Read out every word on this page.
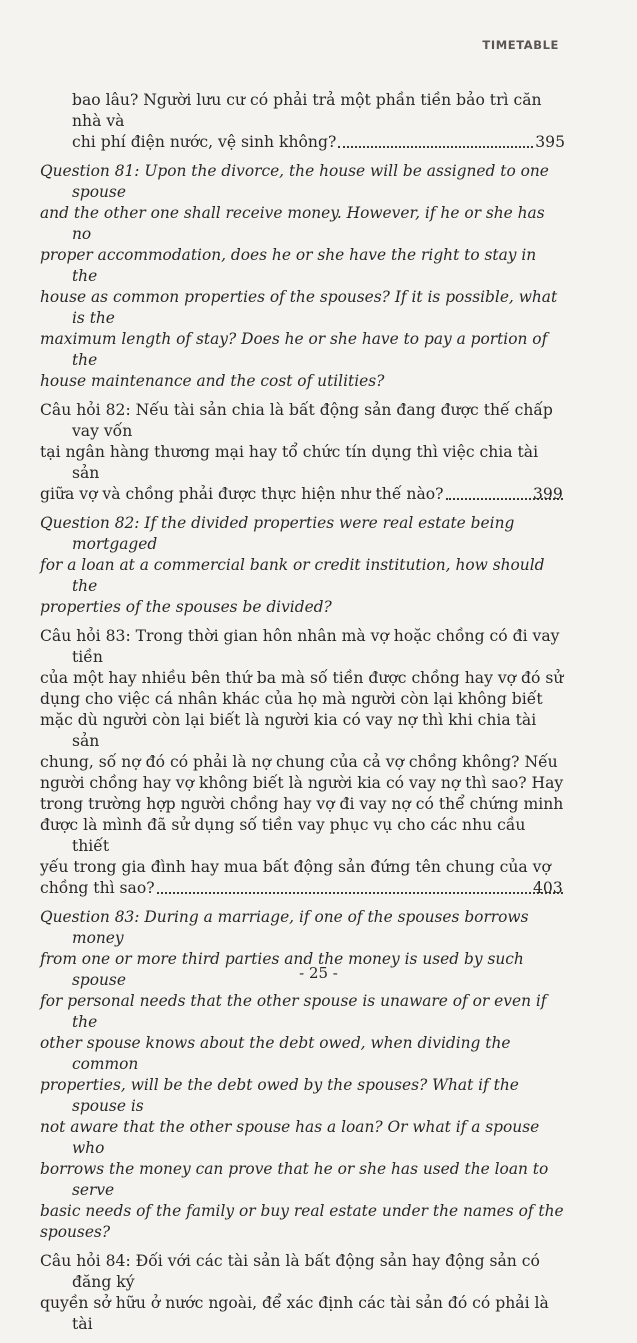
TIMETABLE
bao lâu? Người lưu cư có phải trả một phần tiền bảo trì căn nhà và
chi phí điện nước, vệ sinh không?	395
Question 81: Upon the divorce, the house will be assigned to one spouse
and the other one shall receive money. However, if he or she has no
proper accommodation, does he or she have the right to stay in the
house as common properties of the spouses? If it is possible, what is the
maximum length of stay? Does he or she have to pay a portion of the
house maintenance and the cost of utilities?
Câu hỏi 82: Nếu tài sản chia là bất động sản đang được thế chấp vay vốn
tại ngân hàng thương mại hay tổ chức tín dụng thì việc chia tài sản
giữa vợ và chồng phải được thực hiện như thế nào?	399
Question 82: If the divided properties were real estate being mortgaged
for a loan at a commercial bank or credit institution, how should the
properties of the spouses be divided?
Câu hỏi 83: Trong thời gian hôn nhân mà vợ hoặc chồng có đi vay tiền
của một hay nhiều bên thứ ba mà số tiền được chồng hay vợ đó sử
dụng cho việc cá nhân khác của họ mà người còn lại không biết
mặc dù người còn lại biết là người kia có vay nợ thì khi chia tài sản
chung, số nợ đó có phải là nợ chung của cả vợ chồng không? Nếu
người chồng hay vợ không biết là người kia có vay nợ thì sao? Hay
trong trường hợp người chồng hay vợ đi vay nợ có thể chứng minh
được là mình đã sử dụng số tiền vay phục vụ cho các nhu cầu thiết
yếu trong gia đình hay mua bất động sản đứng tên chung của vợ
chồng thì sao?	403
Question 83: During a marriage, if one of the spouses borrows money
from one or more third parties and the money is used by such spouse
for personal needs that the other spouse is unaware of or even if the
other spouse knows about the debt owed, when dividing the common
properties, will be the debt owed by the spouses? What if the spouse is
not aware that the other spouse has a loan? Or what if a spouse who
borrows the money can prove that he or she has used the loan to serve
basic needs of the family or buy real estate under the names of the
spouses?
Câu hỏi 84: Đối với các tài sản là bất động sản hay động sản có đăng ký
quyền sở hữu ở nước ngoài, để xác định các tài sản đó có phải là tài
- 25 -
